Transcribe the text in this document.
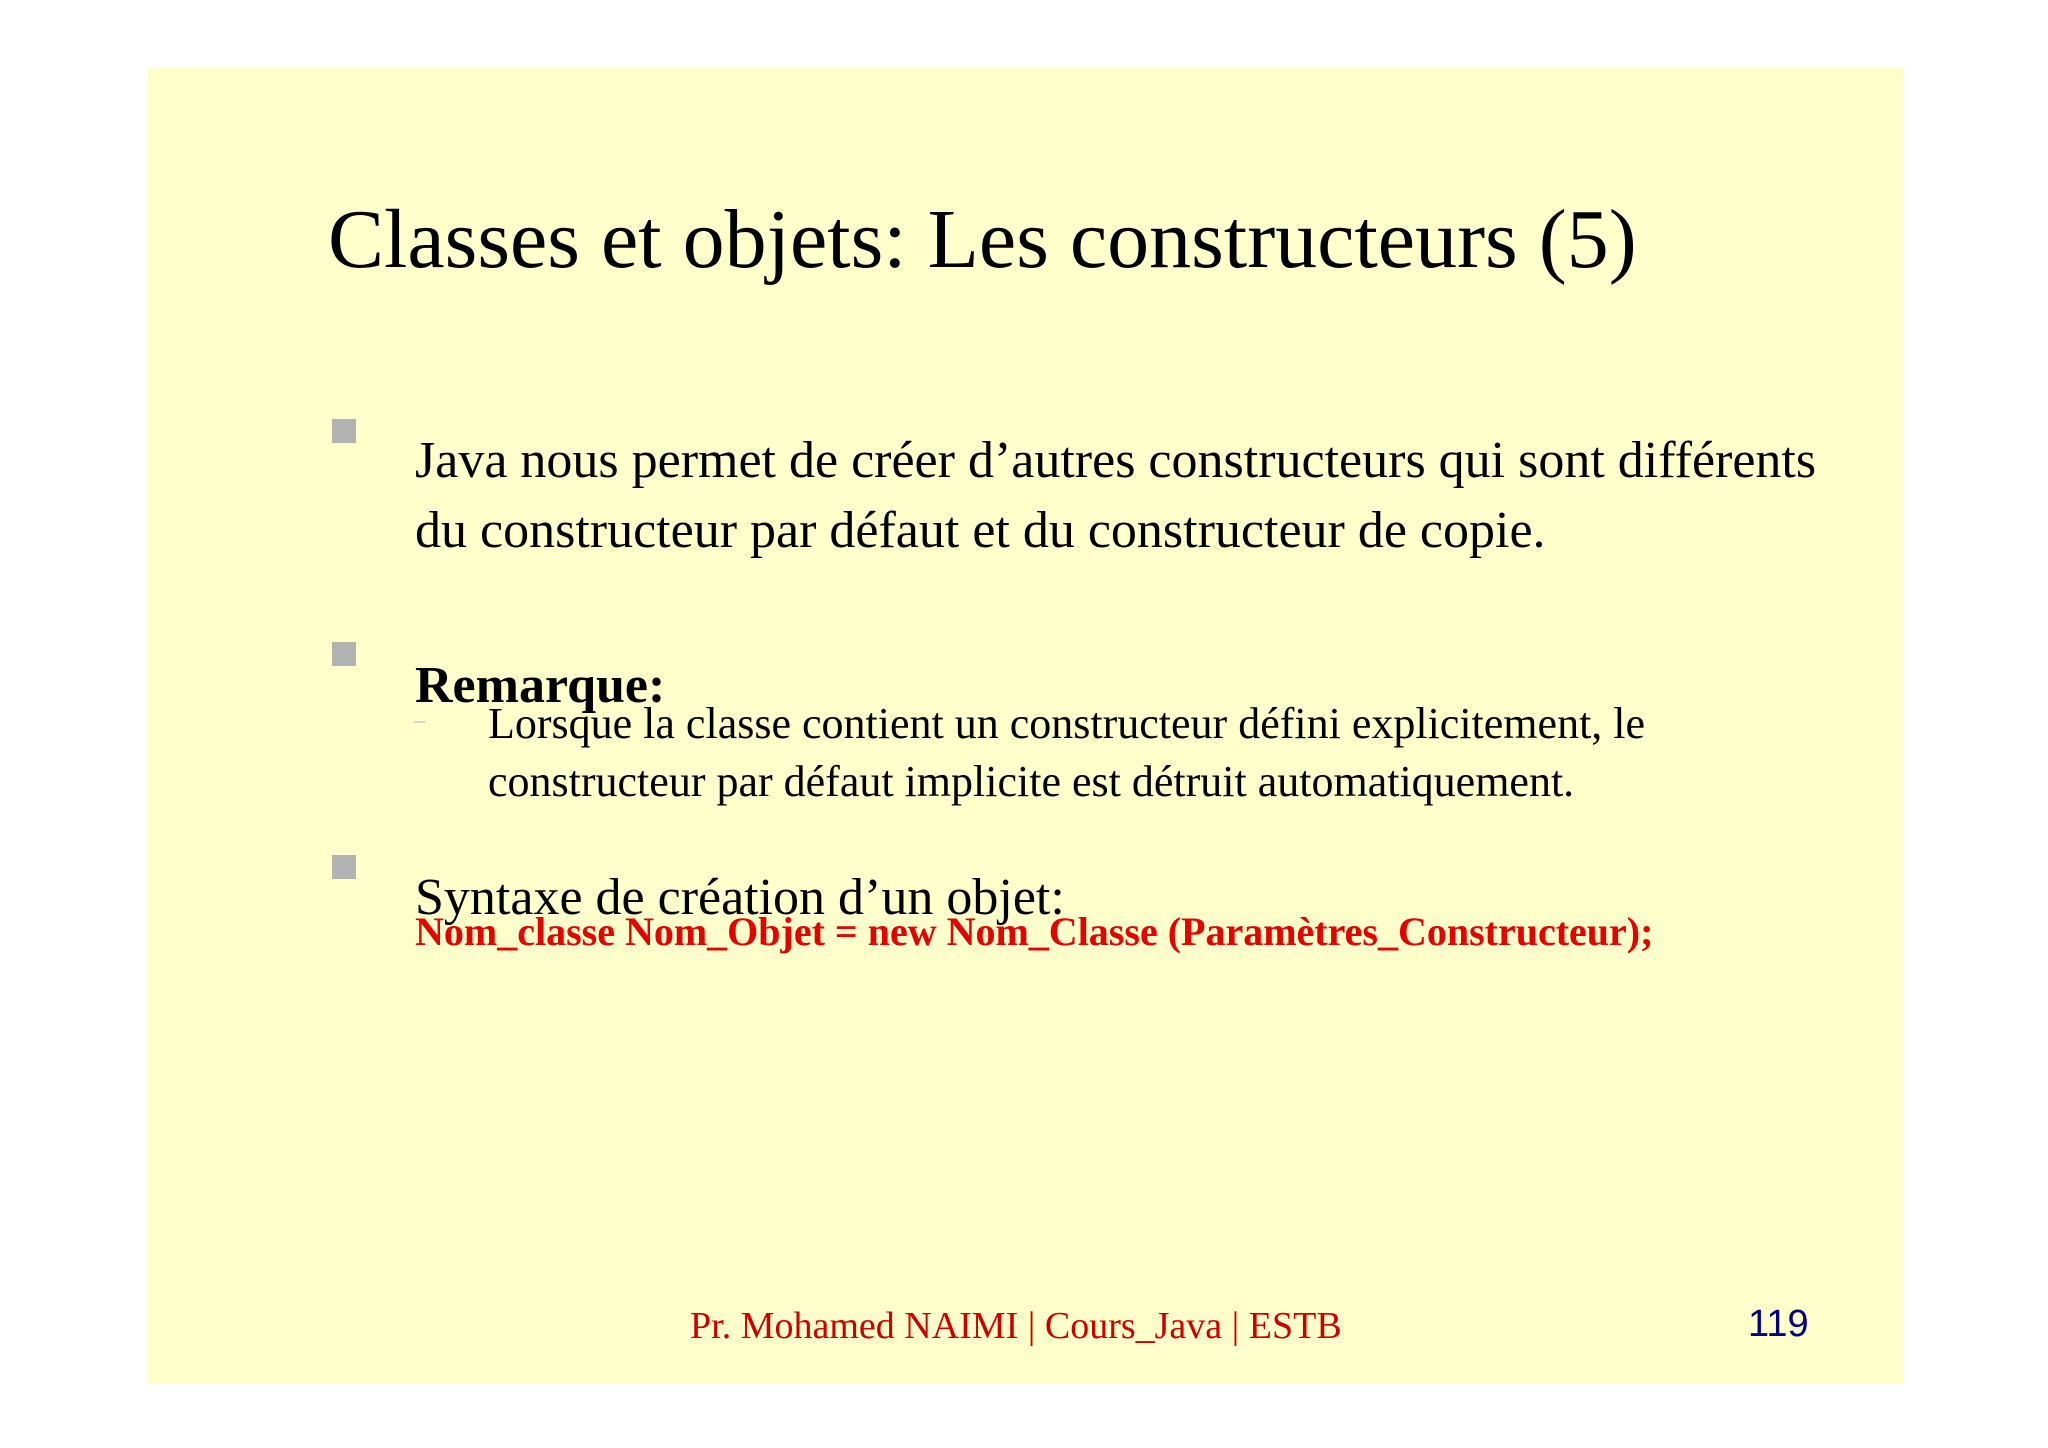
Classes et objets: Les constructeurs (5)

Java nous permet de créer d’autres constructeurs qui sont différents du constructeur par défaut et du constructeur de copie.

Remarque:

– Lorsque la classe contient un constructeur défini explicitement, le constructeur par défaut implicite est détruit automatiquement.

Syntaxe de création d’un objet:

Nom_classe Nom_Objet = new Nom_Classe (Paramètres_Constructeur);

Pr. Mohamed NAIMI | Cours_Java | ESTB	119
